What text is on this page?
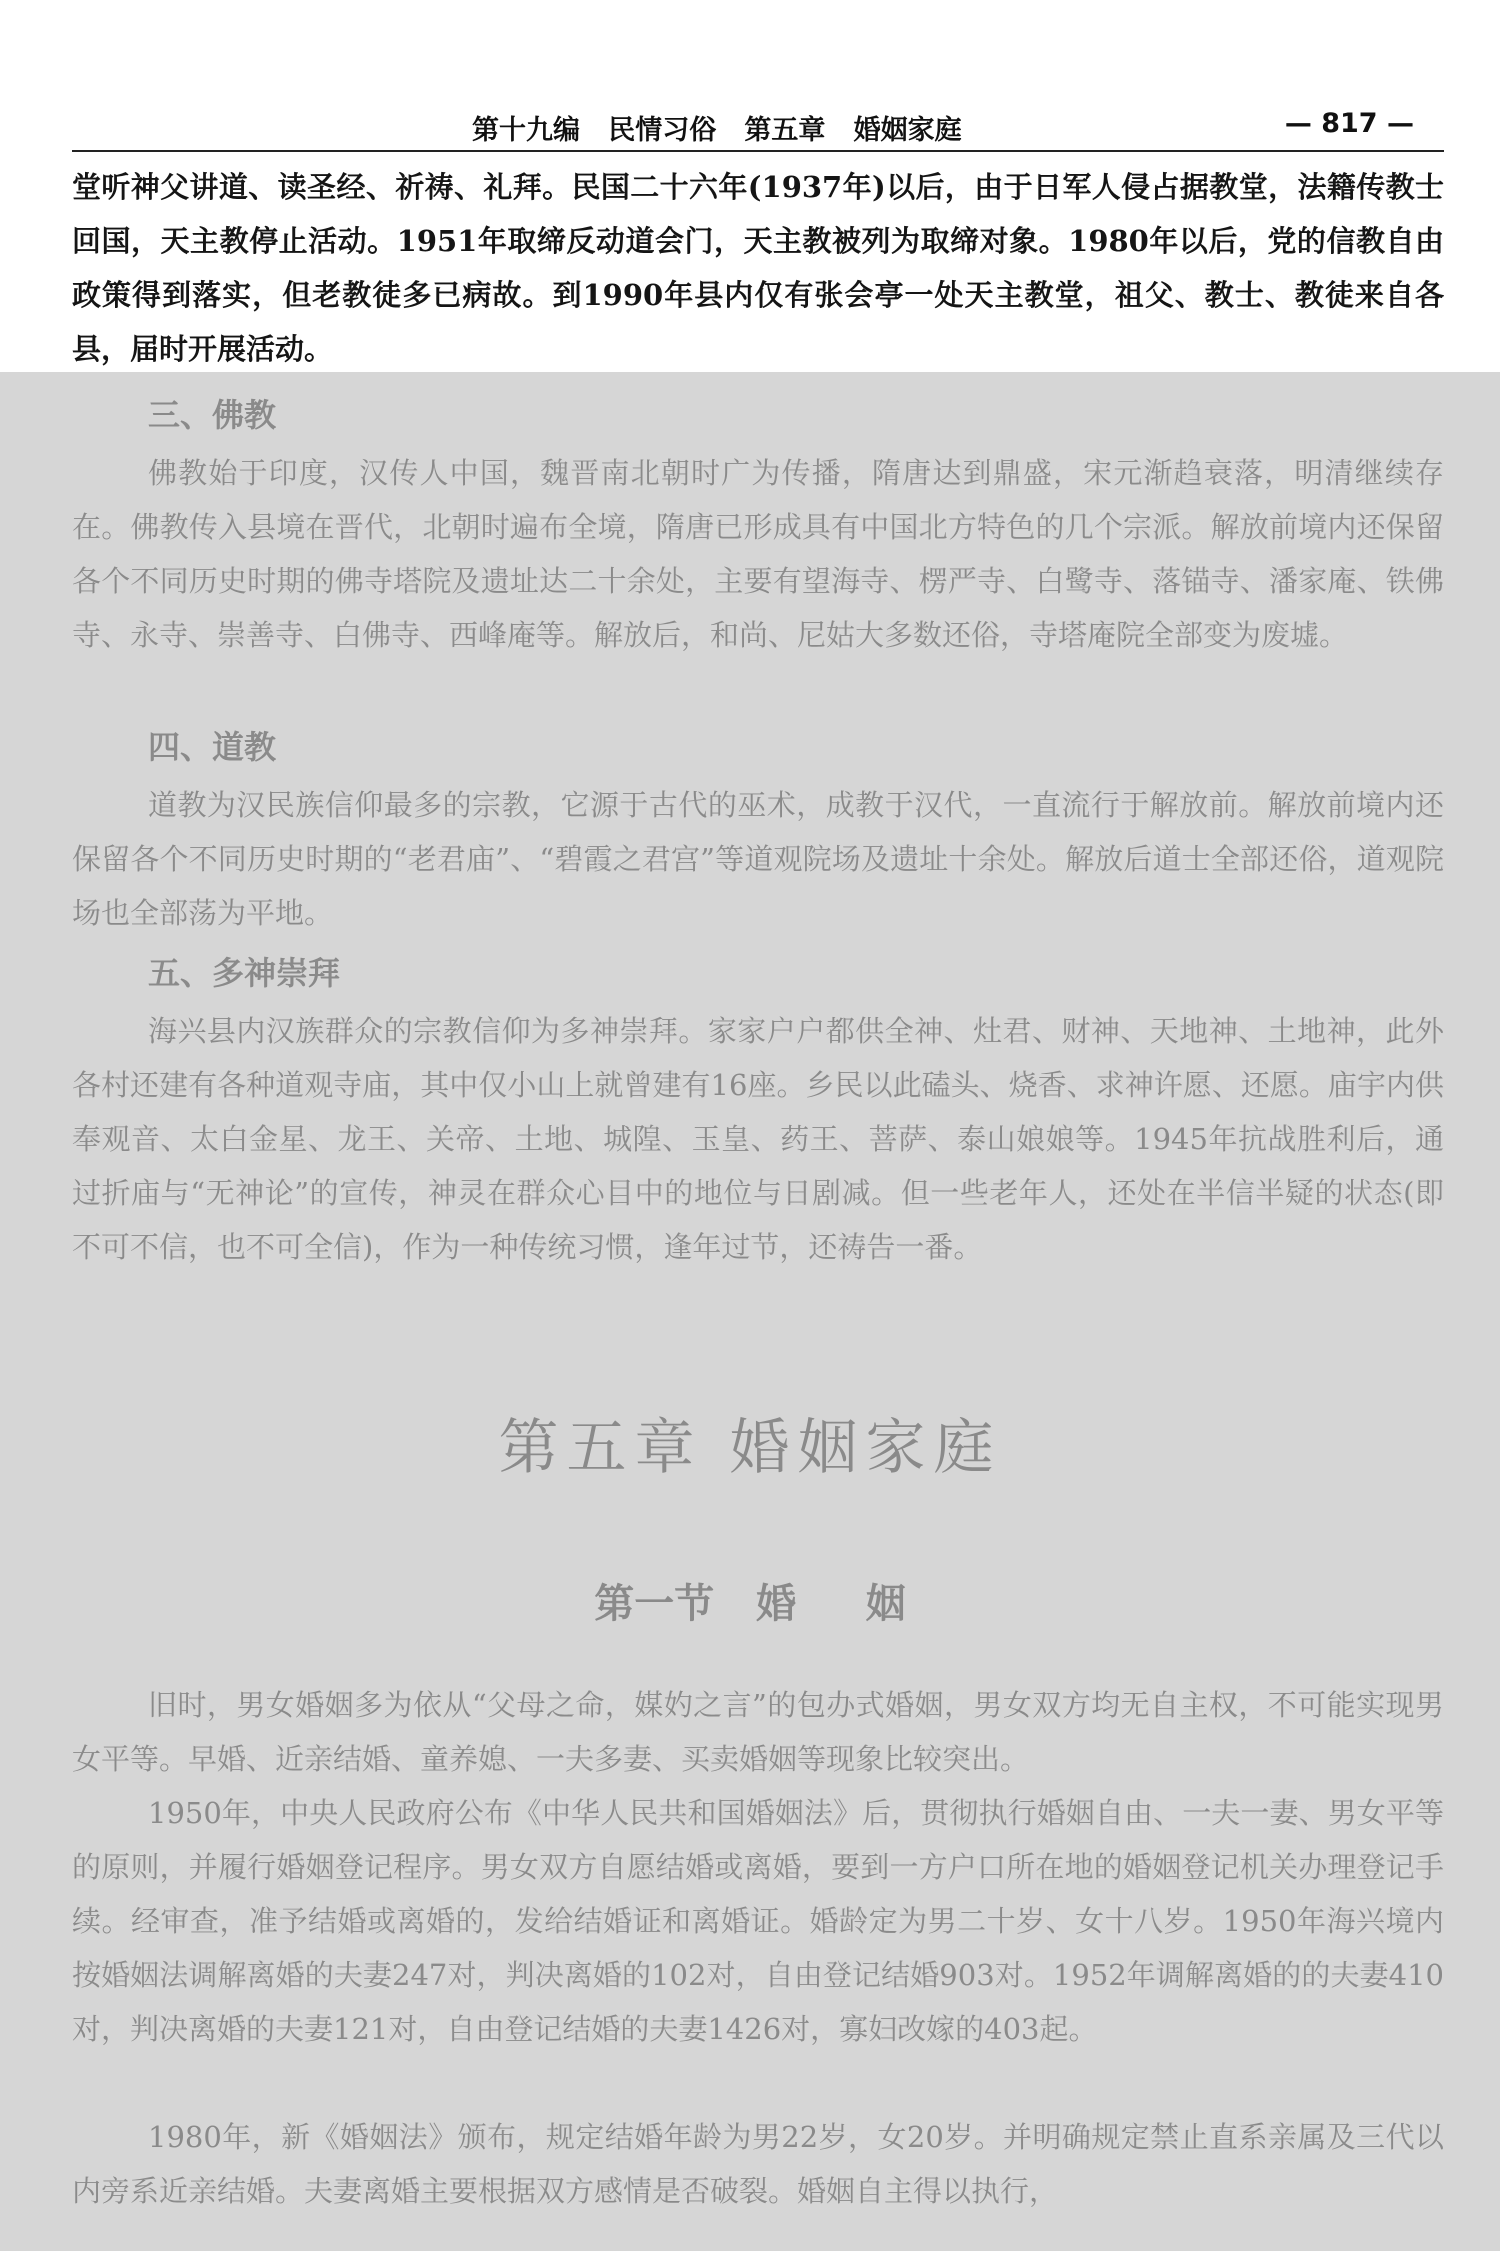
第十九编   民情习俗   第五章   婚姻家庭	— 817 —
堂听神父讲道、读圣经、祈祷、礼拜。民国二十六年(1937年)以后，由于日军人侵占据教堂，法籍传教士回国，天主教停止活动。1951年取缔反动道会门，天主教被列为取缔对象。1980年以后，党的信教自由政策得到落实，但老教徒多已病故。到1990年县内仅有张会亭一处天主教堂，祖父、教士、教徒来自各县，届时开展活动。
三、佛教
佛教始于印度，汉传人中国，魏晋南北朝时广为传播，隋唐达到鼎盛，宋元渐趋衰落，明清继续存在。佛教传入县境在晋代，北朝时遍布全境，隋唐已形成具有中国北方特色的几个宗派。解放前境内还保留各个不同历史时期的佛寺塔院及遗址达二十余处，主要有望海寺、楞严寺、白鹭寺、落锚寺、潘家庵、铁佛寺、永寺、崇善寺、白佛寺、西峰庵等。解放后，和尚、尼姑大多数还俗，寺塔庵院全部变为废墟。
四、道教
道教为汉民族信仰最多的宗教，它源于古代的巫术，成教于汉代，一直流行于解放前。解放前境内还保留各个不同历史时期的“老君庙”、“碧霞之君宫”等道观院场及遗址十余处。解放后道士全部还俗，道观院场也全部荡为平地。
五、多神崇拜
海兴县内汉族群众的宗教信仰为多神崇拜。家家户户都供全神、灶君、财神、天地神、土地神，此外各村还建有各种道观寺庙，其中仅小山上就曾建有16座。乡民以此磕头、烧香、求神许愿、还愿。庙宇内供奉观音、太白金星、龙王、关帝、土地、城隍、玉皇、药王、菩萨、泰山娘娘等。1945年抗战胜利后，通过折庙与“无神论”的宣传，神灵在群众心目中的地位与日剧减。但一些老年人，还处在半信半疑的状态(即不可不信，也不可全信)，作为一种传统习惯，逢年过节，还祷告一番。
第五章 婚姻家庭
第一节   婚     姻
旧时，男女婚姻多为依从“父母之命，媒妁之言”的包办式婚姻，男女双方均无自主权，不可能实现男女平等。早婚、近亲结婚、童养媳、一夫多妻、买卖婚姻等现象比较突出。
1950年，中央人民政府公布《中华人民共和国婚姻法》后，贯彻执行婚姻自由、一夫一妻、男女平等的原则，并履行婚姻登记程序。男女双方自愿结婚或离婚，要到一方户口所在地的婚姻登记机关办理登记手续。经审查，准予结婚或离婚的，发给结婚证和离婚证。婚龄定为男二十岁、女十八岁。1950年海兴境内按婚姻法调解离婚的夫妻247对，判决离婚的102对，自由登记结婚903对。1952年调解离婚的的夫妻410对，判决离婚的夫妻121对，自由登记结婚的夫妻1426对，寡妇改嫁的403起。
1980年，新《婚姻法》颁布，规定结婚年龄为男22岁，女20岁。并明确规定禁止直系亲属及三代以内旁系近亲结婚。夫妻离婚主要根据双方感情是否破裂。婚姻自主得以执行，
